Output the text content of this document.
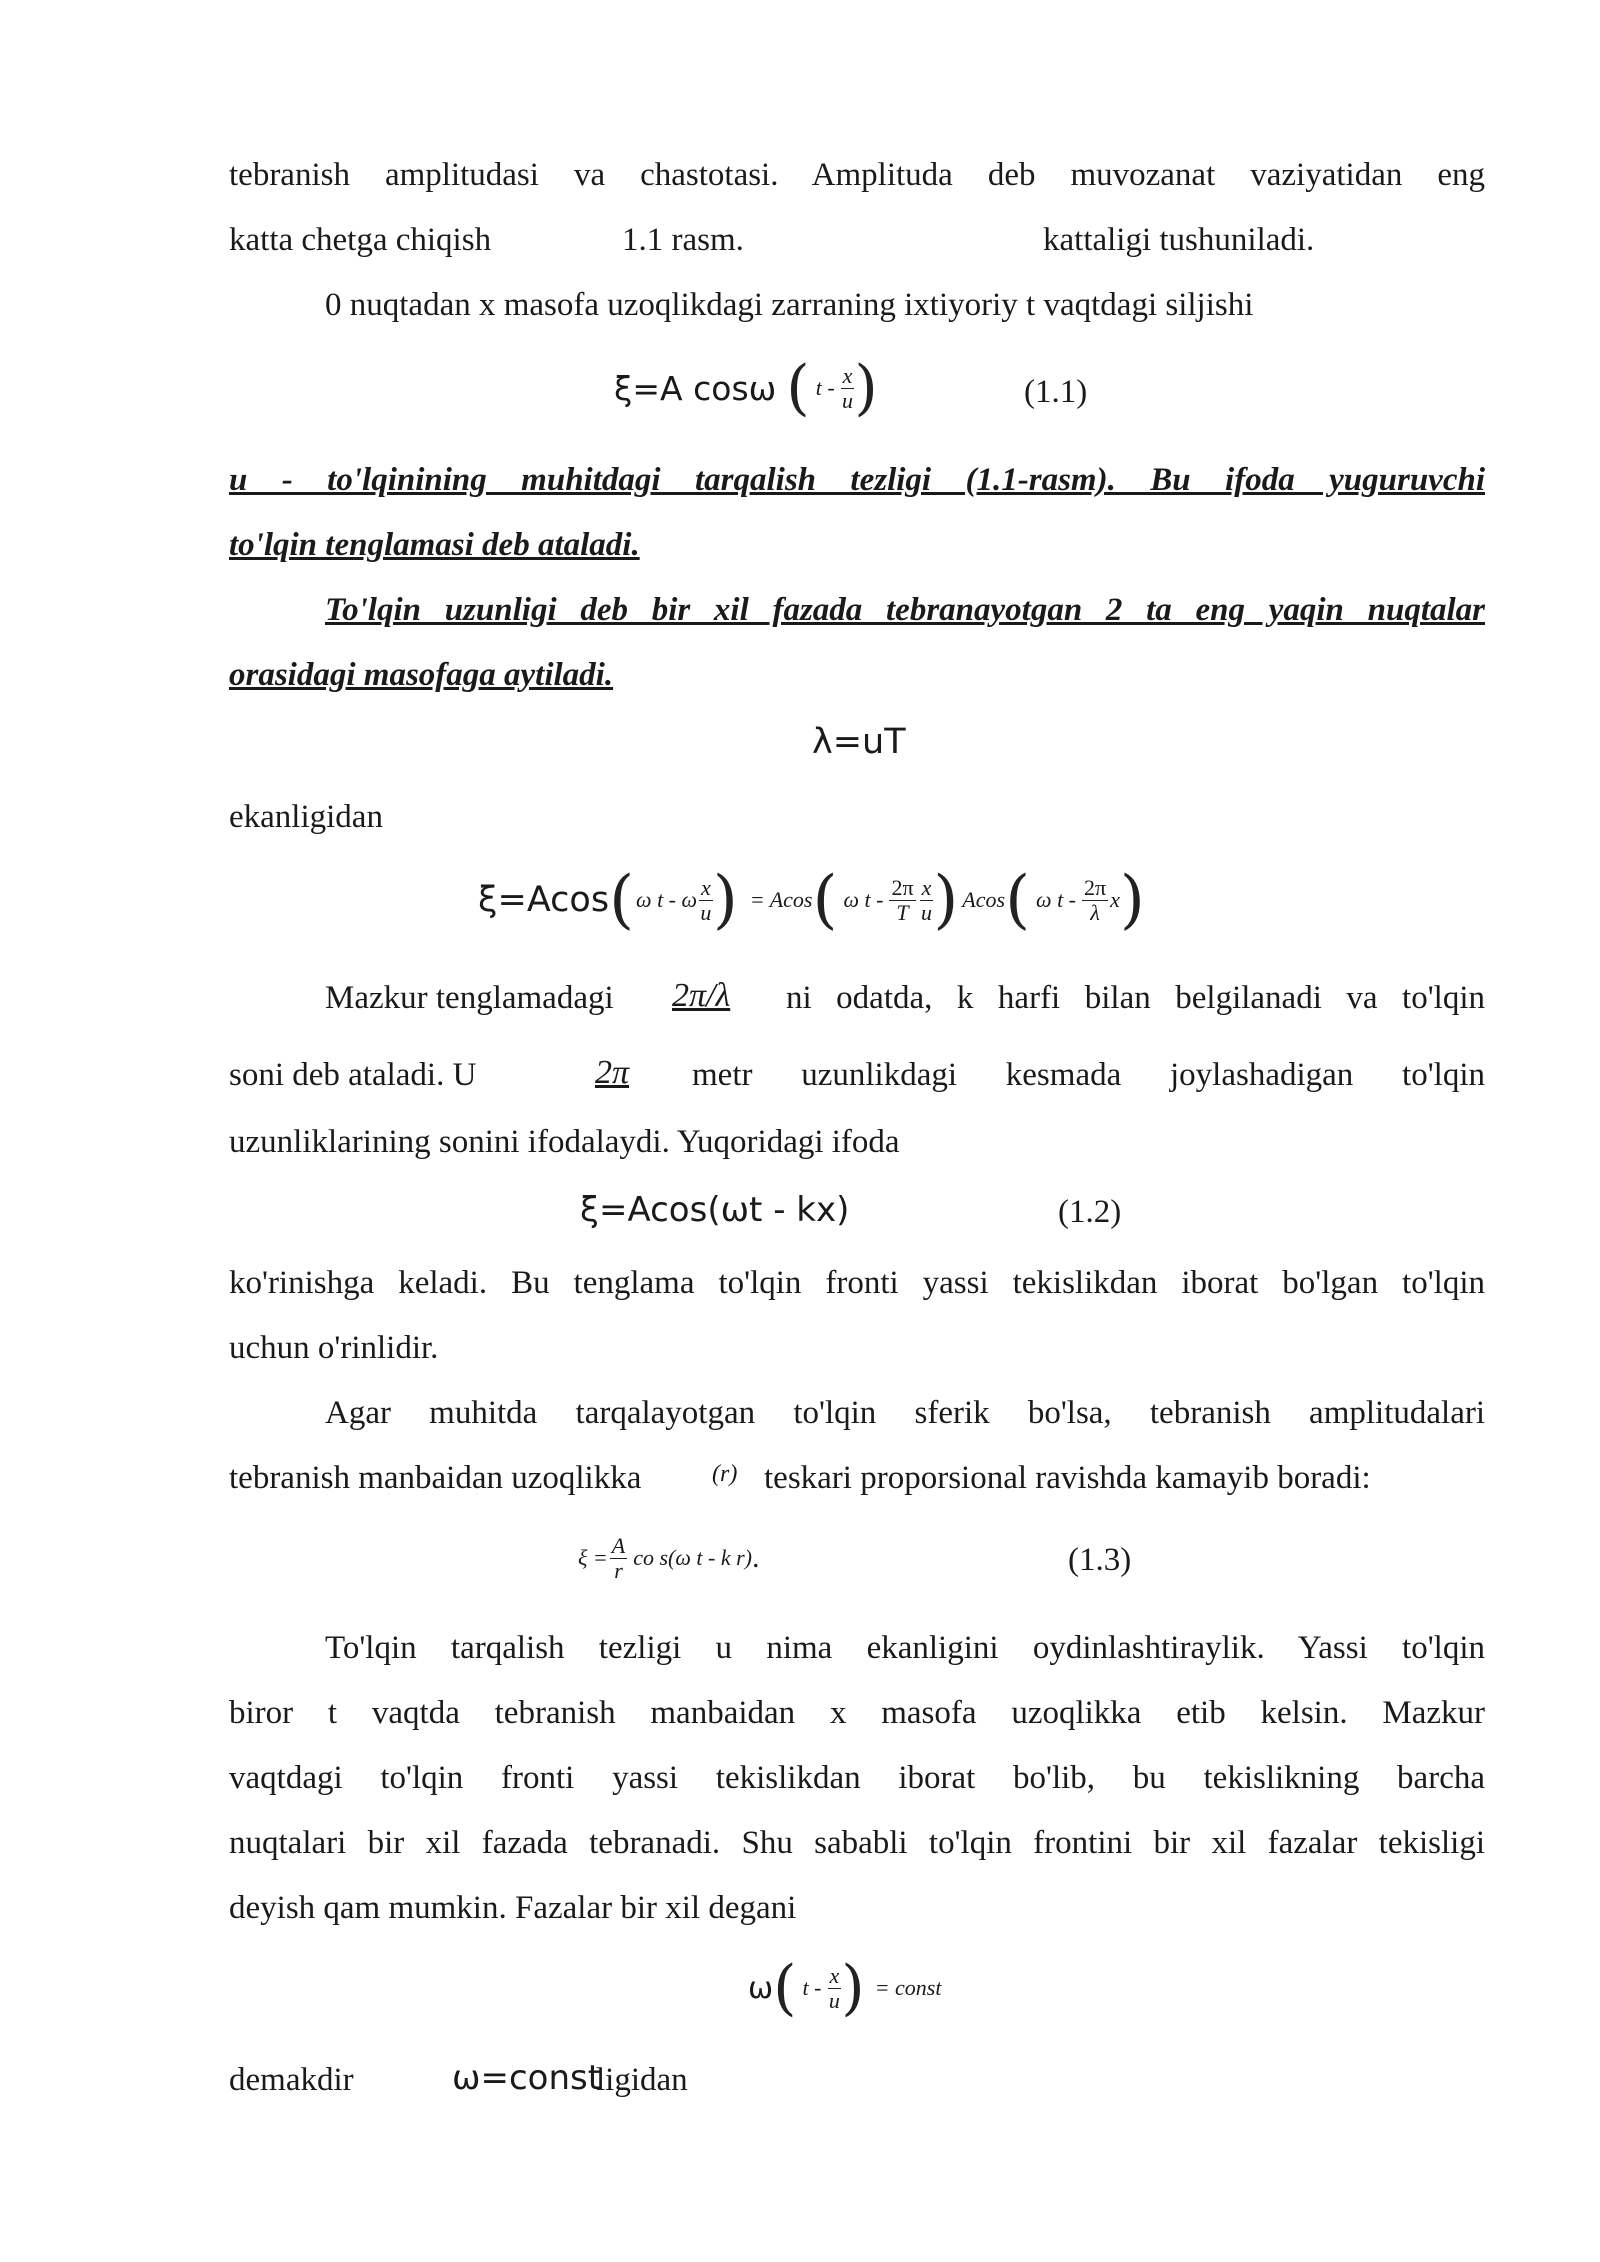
tebranish amplitudasi va chastotasi. Amplituda deb muvozanat vaziyatidan eng
katta chetga chiqish	1.1 rasm.	kattaligi tushuniladi.
0 nuqtadan x masofa uzoqlikdagi zarraning ixtiyoriy t vaqtdagi siljishi
ξ=A cosω ( t - $\frac{x}{u}$ )	(1.1)
u - to'lqinining muhitdagi tarqalish tezligi (1.1-rasm). Bu ifoda yuguruvchi
to'lqin tenglamasi deb ataladi.
To'lqin uzunligi deb bir xil fazada tebranayotgan 2 ta eng yaqin nuqtalar
orasidagi masofaga aytiladi.
λ=uT
ekanligidan
ξ=Acos ( ω t - ω $\frac{x}{u}$ ) = Acos ( ω t - $\frac{2\pi}{T} \frac{x}{u}$ ) Acos ( ω t - $\frac{2\pi}{\lambda}$ x )
Mazkur tenglamadagi 2π/λ ni odatda, k harfi bilan belgilanadi va to'lqin
soni deb ataladi. U	2π metr uzunlikdagi kesmada joylashadigan to'lqin
uzunliklarining sonini ifodalaydi. Yuqoridagi ifoda
ξ=Acos(ωt - kx)	(1.2)
ko'rinishga keladi. Bu tenglama to'lqin fronti yassi tekislikdan iborat bo'lgan to'lqin
uchun o'rinlidir.
Agar muhitda tarqalayotgan to'lqin sferik bo'lsa, tebranish amplitudalari
tebranish manbaidan uzoqlikka	(r) teskari proporsional ravishda kamayib boradi:
$\xi = \frac{A}{r}$ co s(ω t - k r) .	(1.3)
To'lqin tarqalish tezligi u nima ekanligini oydinlashtiraylik. Yassi to'lqin
biror t vaqtda tebranish manbaidan x masofa uzoqlikka etib kelsin. Mazkur
vaqtdagi to'lqin fronti yassi tekislikdan iborat bo'lib, bu tekislikning barcha
nuqtalari bir xil fazada tebranadi. Shu sababli to'lqin frontini bir xil fazalar tekisligi
deyish qam mumkin. Fazalar bir xil degani
ω ( t - $\frac{x}{u}$ ) = const
demakdir	ω=const
ligidan
